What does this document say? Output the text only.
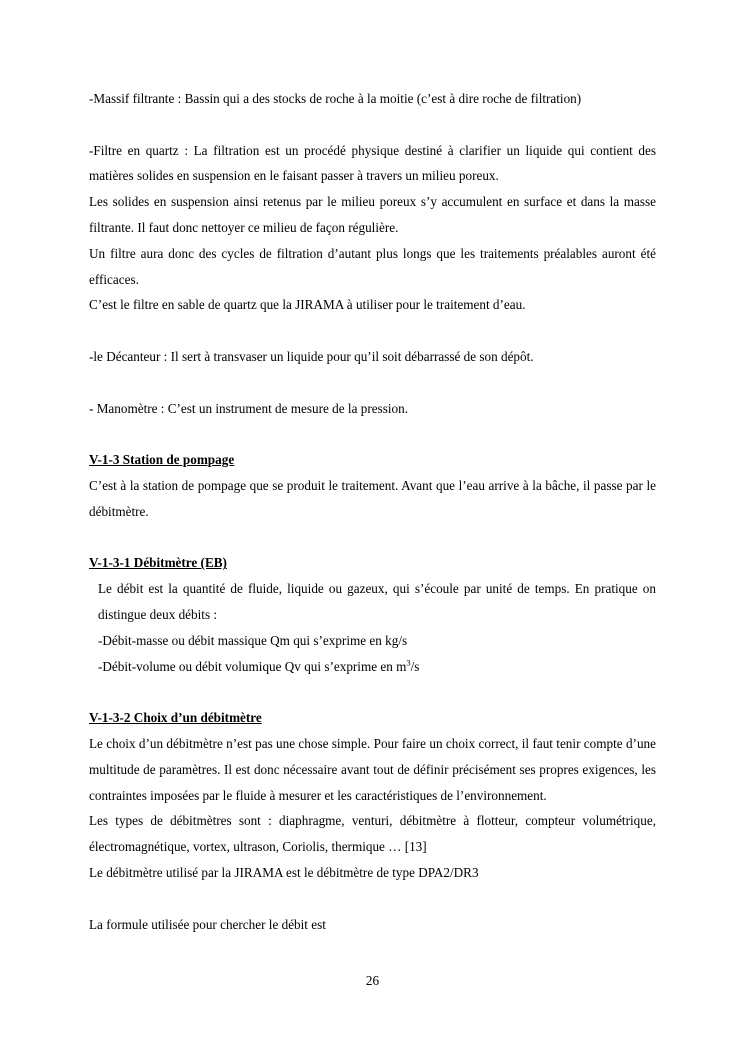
-Massif filtrante : Bassin qui a des stocks de roche à la moitie (c’est à dire roche de filtration)

-Filtre en quartz : La filtration est un procédé physique destiné à clarifier un liquide qui contient des matières solides en suspension en le faisant passer à travers un milieu poreux.

Les solides en suspension ainsi retenus par le milieu poreux s’y accumulent en surface et dans la masse filtrante. Il faut donc nettoyer ce milieu de façon régulière.

Un filtre aura donc des cycles de filtration d’autant plus longs que les traitements préalables auront été efficaces.

C’est le filtre en sable de quartz que la JIRAMA à utiliser pour le traitement d’eau.

-le Décanteur : Il sert à transvaser un liquide pour qu’il soit débarrassé de son dépôt.

- Manomètre : C’est un instrument de mesure de la pression.

V-1-3 Station de pompage

C’est à la station de pompage que se produit le traitement. Avant que l’eau arrive à la bâche, il passe par le débitmètre.

V-1-3-1 Débitmètre (EB)

Le débit est la quantité de fluide, liquide ou gazeux, qui s’écoule par unité de temps. En pratique on distingue deux débits :

-Débit-masse ou débit massique Qm qui s’exprime en kg/s

-Débit-volume ou débit volumique Qv qui s’exprime en $m^3/s$

V-1-3-2 Choix d’un débitmètre

Le choix d’un débitmètre n’est pas une chose simple. Pour faire un choix correct, il faut tenir compte d’une multitude de paramètres. Il est donc nécessaire avant tout de définir précisément ses propres exigences, les contraintes imposées par le fluide à mesurer et les caractéristiques de l’environnement.

Les types de débitmètres sont : diaphragme, venturi, débitmètre à flotteur, compteur volumétrique, électromagnétique, vortex, ultrason, Coriolis, thermique … [13]

Le débitmètre utilisé par la JIRAMA est le débitmètre de type DPA2/DR3

La formule utilisée pour chercher le débit est

26
